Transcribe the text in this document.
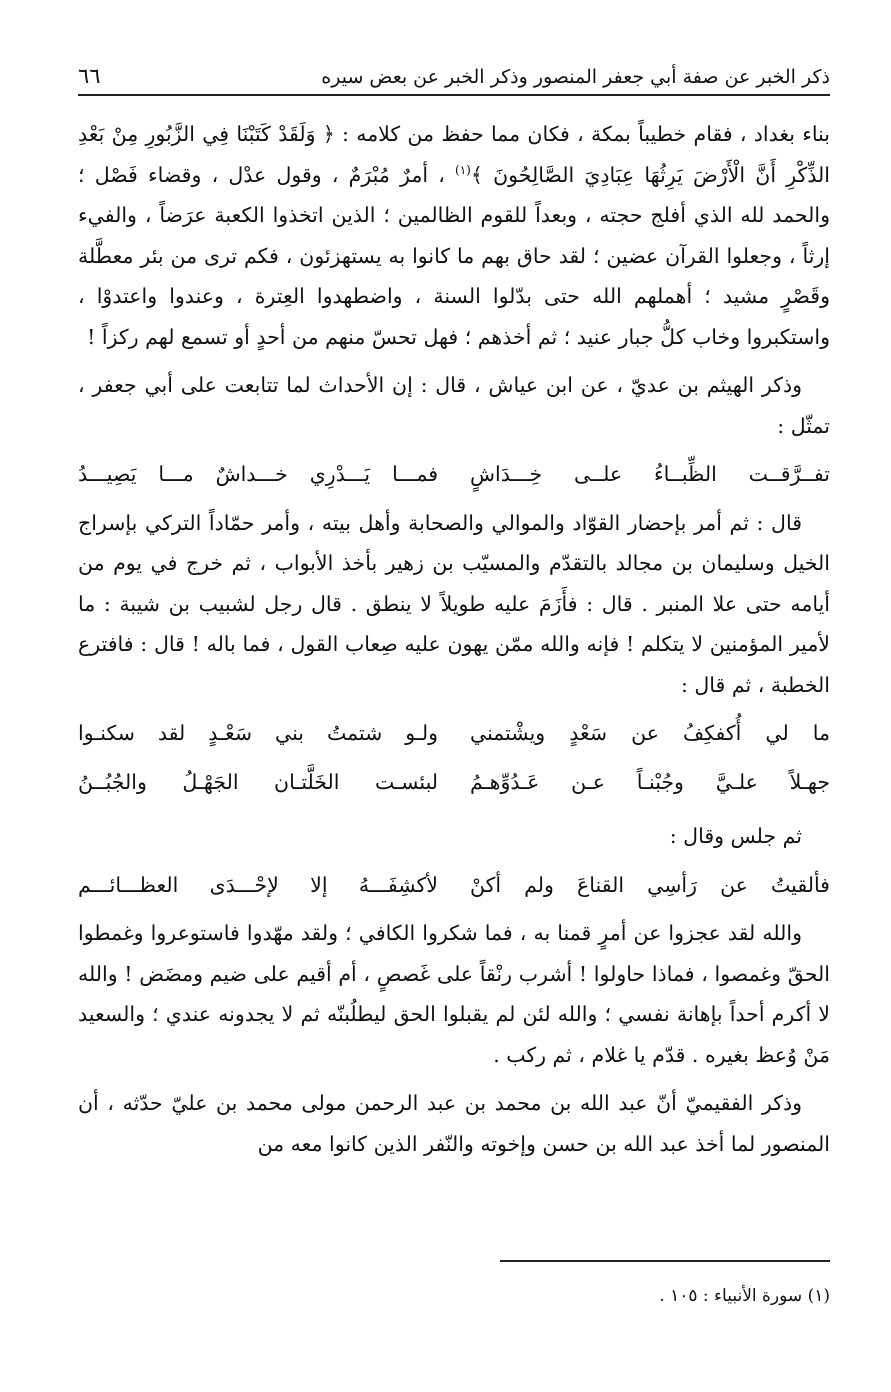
ذكر الخبر عن صفة أبي جعفر المنصور وذكر الخبر عن بعض سيره
٦٦

بناء بغداد ، فقام خطيباً بمكة ، فكان مما حفظ من كلامه : ﴿ وَلَقَدْ كَتَبْنَا فِي الزَّبُورِ مِنْ بَعْدِ الذِّكْرِ أَنَّ الْأَرْضَ يَرِثُهَا عِبَادِيَ الصَّالِحُونَ ﴾$^{(١)}$ ، أمرٌ مُبْرَمٌ ، وقول عدْل ، وقضاء فَصْل ؛ والحمد لله الذي أفلج حجته ، وبعداً للقوم الظالمين ؛ الذين اتخذوا الكعبة عرَضاً ، والفيء إرثاً ، وجعلوا القرآن عضين ؛ لقد حاق بهم ما كانوا به يستهزئون ، فكم ترى من بئر معطَّلة وقَصْرٍ مشيد ؛ أهملهم الله حتى بدّلوا السنة ، واضطهدوا العِترة ، وعندوا واعتدوْا ، واستكبروا وخاب كلُّ جبار عنيد ؛ ثم أخذهم ؛ فهل تحسّ منهم من أحدٍ أو تسمع لهم ركزاً !

وذكر الهيثم بن عديّ ، عن ابن عياش ، قال : إن الأحداث لما تتابعت على أبي جعفر ، تمثّل :

تفــرَّقــت الظِّبــاءُ علــى خِـــدَاشٍ
فمـــا يَـــدْرِي خـــداشٌ مـــا يَصِيـــدُ

قال : ثم أمر بإحضار القوّاد والموالي والصحابة وأهل بيته ، وأمر حمّاداً التركي بإسراج الخيل وسليمان بن مجالد بالتقدّم والمسيّب بن زهير بأخذ الأبواب ، ثم خرج في يوم من أيامه حتى علا المنبر . قال : فأَزَمَ عليه طويلاً لا ينطق . قال رجل لشبيب بن شيبة : ما لأمير المؤمنين لا يتكلم ! فإنه والله ممّن يهون عليه صِعاب القول ، فما باله ! قال : فافترع الخطبة ، ثم قال :

ما لي أُكفكِفُ عن سَعْدٍ ويشْتمني
ولـو شتمتُ بني سَعْـدٍ لقد سكنـوا
جهـلاً علـيَّ وجُبْنـاً عـن عَـدُوِّهـمُ
لبئسـت الخَلَّتـان الجَهْـلُ والجُبُــنُ

ثم جلس وقال :

فألقيتُ عن رَأسِي القناعَ ولم أكنْ
لأكشِفَـــهُ إلا لإحْـــدَى العظـــائـــم

والله لقد عجزوا عن أمرٍ قمنا به ، فما شكروا الكافي ؛ ولقد مهّدوا فاستوعروا وغمطوا الحقّ وغمصوا ، فماذا حاولوا ! أشرب رنْقاً على غَصصٍ ، أم أقيم على ضيم ومضَض ! والله لا أكرم أحداً بإهانة نفسي ؛ والله لئن لم يقبلوا الحق ليطلُبنّه ثم لا يجدونه عندي ؛ والسعيد مَنْ وُعظ بغيره . قدّم يا غلام ، ثم ركب .

وذكر الفقيميّ أنّ عبد الله بن محمد بن عبد الرحمن مولى محمد بن عليّ حدّثه ، أن المنصور لما أخذ عبد الله بن حسن وإخوته والنّفر الذين كانوا معه من

(١) سورة الأنبياء : ١٠٥ .
